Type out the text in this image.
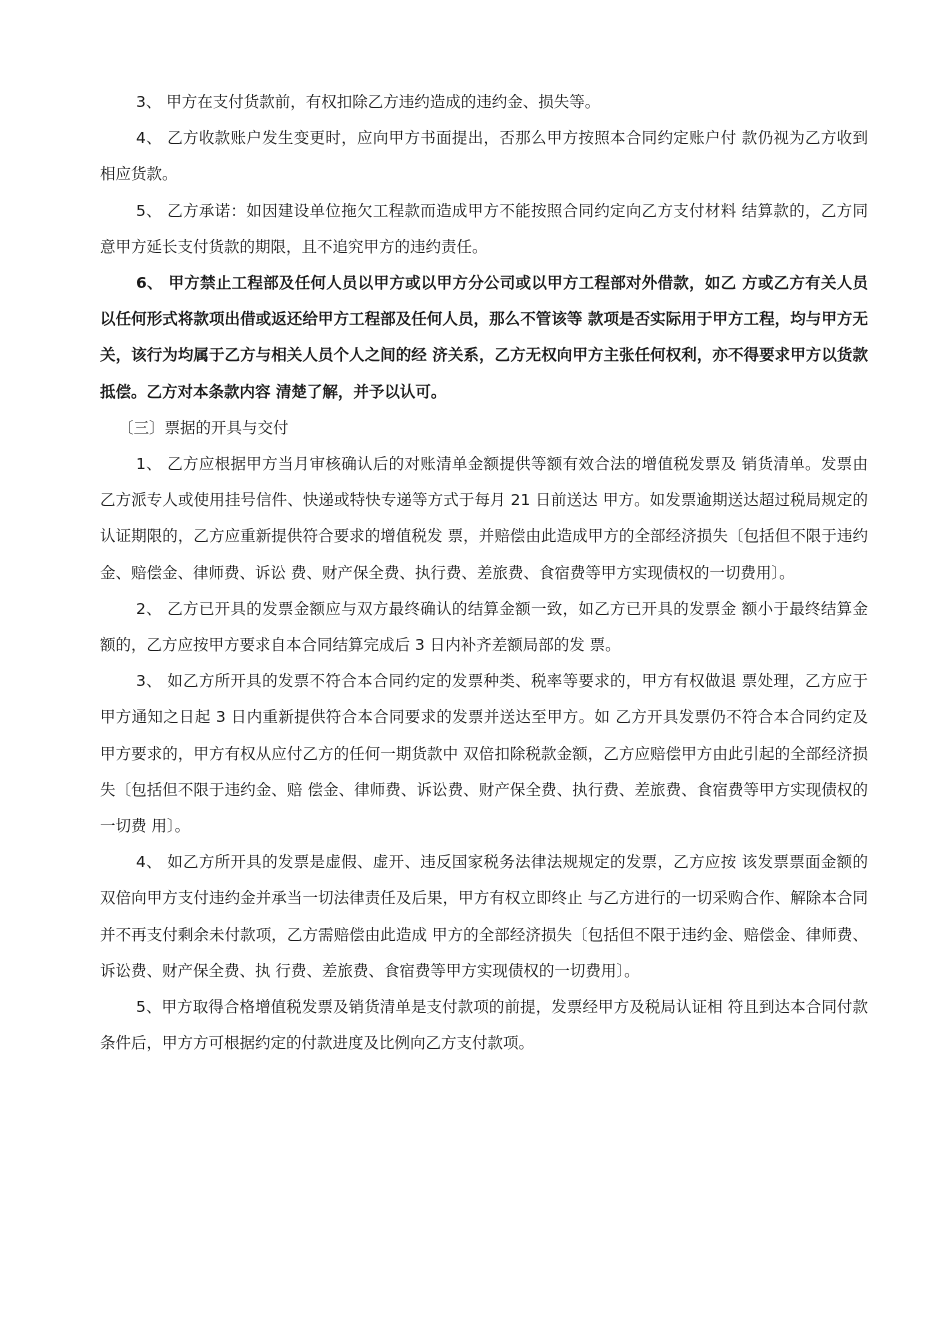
3、 甲方在支付货款前，有权扣除乙方违约造成的违约金、损失等。

4、 乙方收款账户发生变更时，应向甲方书面提出，否那么甲方按照本合同约定账户付 款仍视为乙方收到相应货款。

5、 乙方承诺：如因建设单位拖欠工程款而造成甲方不能按照合同约定向乙方支付材料 结算款的，乙方同意甲方延长支付货款的期限，且不追究甲方的违约责任。

6、 甲方禁止工程部及任何人员以甲方或以甲方分公司或以甲方工程部对外借款，如乙 方或乙方有关人员以任何形式将款项出借或返还给甲方工程部及任何人员，那么不管该等 款项是否实际用于甲方工程，均与甲方无关，该行为均属于乙方与相关人员个人之间的经 济关系，乙方无权向甲方主张任何权利，亦不得要求甲方以货款抵偿。乙方对本条款内容 清楚了解，并予以认可。

〔三〕票据的开具与交付

1、 乙方应根据甲方当月审核确认后的对账清单金额提供等额有效合法的增值税发票及 销货清单。发票由乙方派专人或使用挂号信件、快递或特快专递等方式于每月 21 日前送达 甲方。如发票逾期送达超过税局规定的认证期限的，乙方应重新提供符合要求的增值税发 票，并赔偿由此造成甲方的全部经济损失〔包括但不限于违约金、赔偿金、律师费、诉讼 费、财产保全费、执行费、差旅费、食宿费等甲方实现债权的一切费用〕。

2、 乙方已开具的发票金额应与双方最终确认的结算金额一致，如乙方已开具的发票金 额小于最终结算金额的，乙方应按甲方要求自本合同结算完成后 3 日内补齐差额局部的发 票。

3、 如乙方所开具的发票不符合本合同约定的发票种类、税率等要求的，甲方有权做退 票处理，乙方应于甲方通知之日起 3 日内重新提供符合本合同要求的发票并送达至甲方。如 乙方开具发票仍不符合本合同约定及甲方要求的，甲方有权从应付乙方的任何一期货款中 双倍扣除税款金额，乙方应赔偿甲方由此引起的全部经济损失〔包括但不限于违约金、赔 偿金、律师费、诉讼费、财产保全费、执行费、差旅费、食宿费等甲方实现债权的一切费 用〕。

4、 如乙方所开具的发票是虚假、虚开、违反国家税务法律法规规定的发票，乙方应按 该发票票面金额的双倍向甲方支付违约金并承当一切法律责任及后果，甲方有权立即终止 与乙方进行的一切采购合作、解除本合同并不再支付剩余未付款项，乙方需赔偿由此造成 甲方的全部经济损失〔包括但不限于违约金、赔偿金、律师费、诉讼费、财产保全费、执 行费、差旅费、食宿费等甲方实现债权的一切费用〕。

5、甲方取得合格增值税发票及销货清单是支付款项的前提，发票经甲方及税局认证相 符且到达本合同付款条件后，甲方方可根据约定的付款进度及比例向乙方支付款项。
